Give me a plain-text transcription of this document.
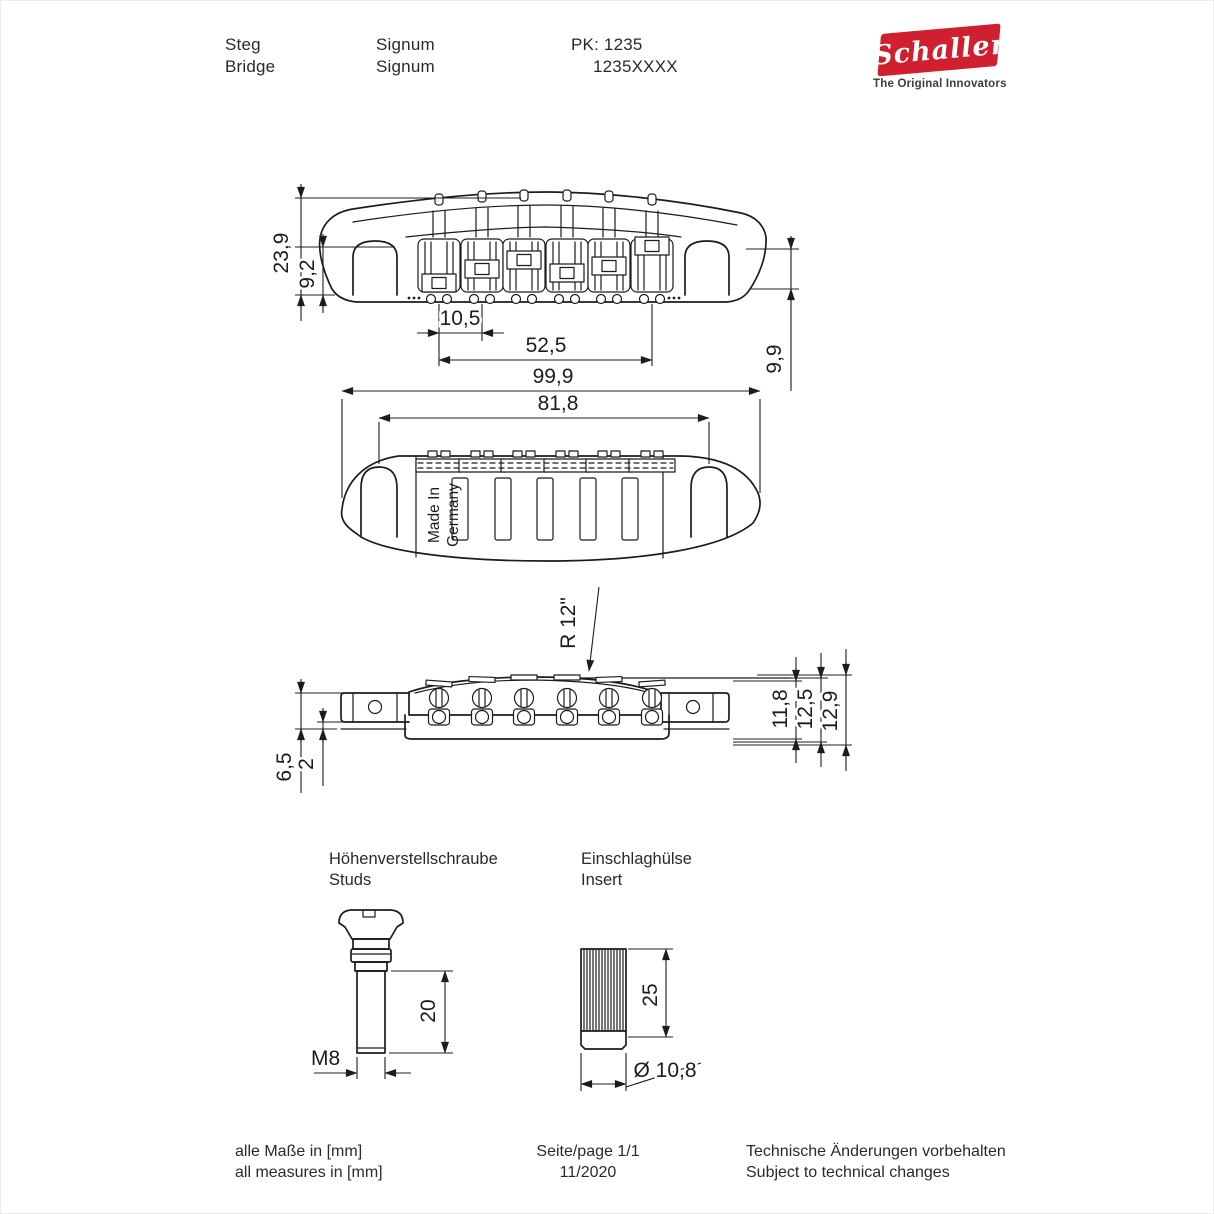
Steg
Bridge
Signum
Signum
PK: 1235
1235XXXX	Schaller
The Original Innovators
23,9
9,2
9,9
10,5
52,5
99,9
81,8
Made In Germany
R 12"
6,5 2
11,8 12,5 12,9
20
M8
25
Ø 10,8
Höhenverstellschraube
Studs
Einschlaghülse
Insert
alle Maße in [mm]
all measures in [mm]
Seite/page 1/1
11/2020
Technische Änderungen vorbehalten
Subject to technical changes
